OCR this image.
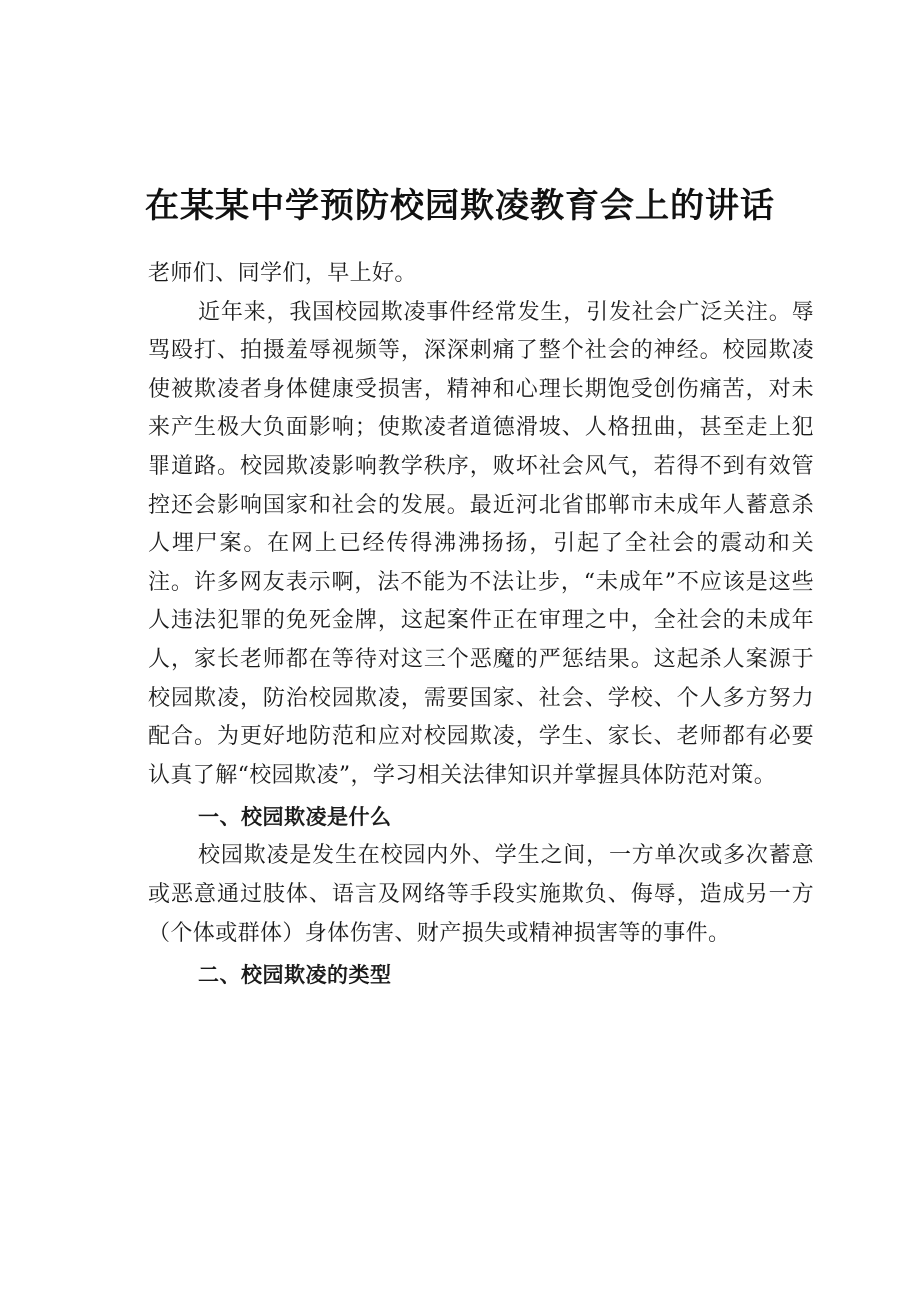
在某某中学预防校园欺凌教育会上的讲话

老师们、同学们，早上好。

近年来，我国校园欺凌事件经常发生，引发社会广泛关注。辱骂殴打、拍摄羞辱视频等，深深刺痛了整个社会的神经。校园欺凌使被欺凌者身体健康受损害，精神和心理长期饱受创伤痛苦，对未来产生极大负面影响；使欺凌者道德滑坡、人格扭曲，甚至走上犯罪道路。校园欺凌影响教学秩序，败坏社会风气，若得不到有效管控还会影响国家和社会的发展。最近河北省邯郸市未成年人蓄意杀人埋尸案。在网上已经传得沸沸扬扬，引起了全社会的震动和关注。许多网友表示啊，法不能为不法让步，“未成年”不应该是这些人违法犯罪的免死金牌，这起案件正在审理之中，全社会的未成年人，家长老师都在等待对这三个恶魔的严惩结果。这起杀人案源于校园欺凌，防治校园欺凌，需要国家、社会、学校、个人多方努力配合。为更好地防范和应对校园欺凌，学生、家长、老师都有必要认真了解“校园欺凌”，学习相关法律知识并掌握具体防范对策。

一、校园欺凌是什么

校园欺凌是发生在校园内外、学生之间，一方单次或多次蓄意或恶意通过肢体、语言及网络等手段实施欺负、侮辱，造成另一方（个体或群体）身体伤害、财产损失或精神损害等的事件。

二、校园欺凌的类型
